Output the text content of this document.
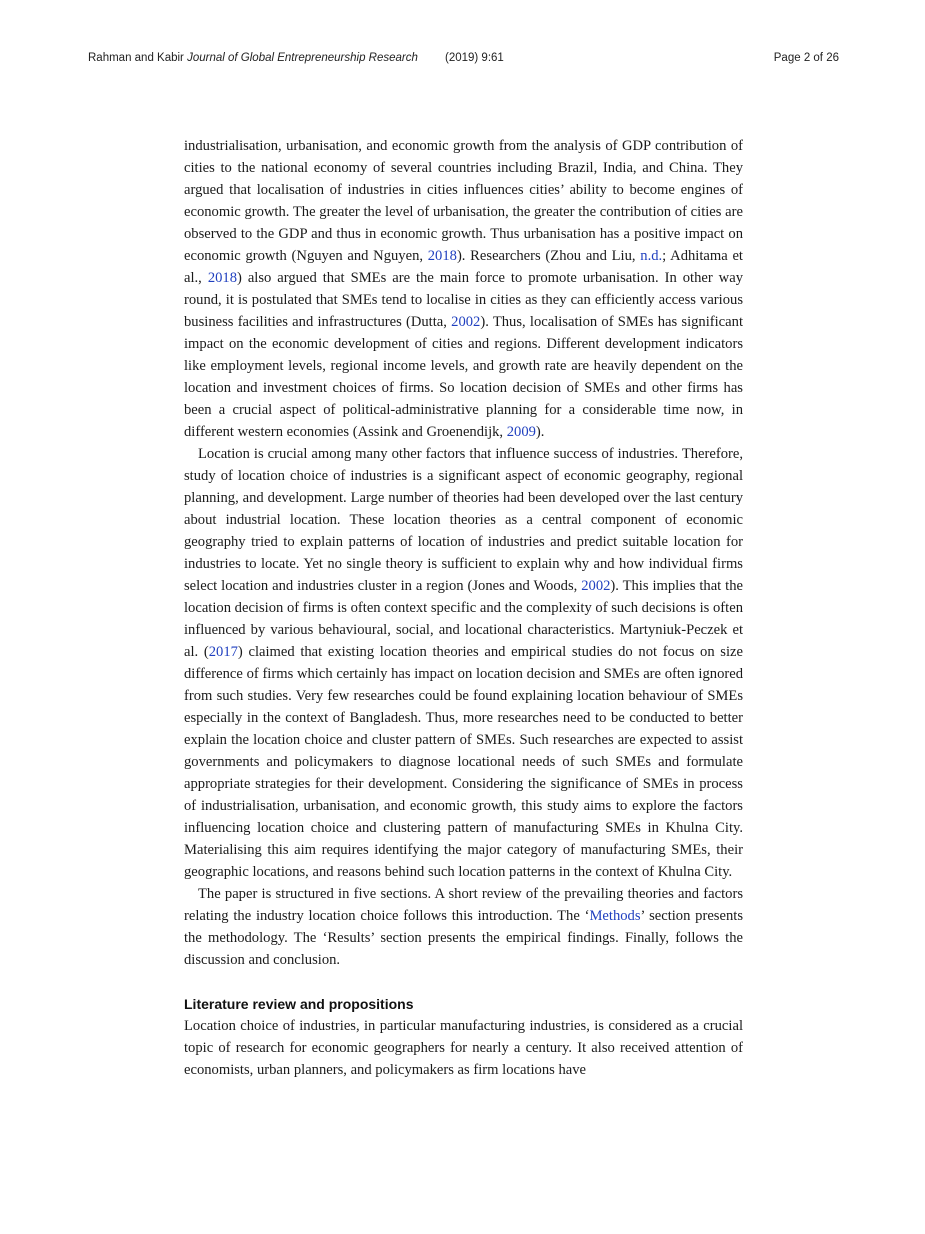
Rahman and Kabir Journal of Global Entrepreneurship Research (2019) 9:61	Page 2 of 26

industrialisation, urbanisation, and economic growth from the analysis of GDP contribution of cities to the national economy of several countries including Brazil, India, and China. They argued that localisation of industries in cities influences cities’ ability to become engines of economic growth. The greater the level of urbanisation, the greater the contribution of cities are observed to the GDP and thus in economic growth. Thus urbanisation has a positive impact on economic growth (Nguyen and Nguyen, 2018). Researchers (Zhou and Liu, n.d.; Adhitama et al., 2018) also argued that SMEs are the main force to promote urbanisation. In other way round, it is postulated that SMEs tend to localise in cities as they can efficiently access various business facilities and infrastructures (Dutta, 2002). Thus, localisation of SMEs has significant impact on the economic development of cities and regions. Different development indicators like employment levels, regional income levels, and growth rate are heavily dependent on the location and investment choices of firms. So location decision of SMEs and other firms has been a crucial aspect of political-administrative planning for a considerable time now, in different western economies (Assink and Groenendijk, 2009).

Location is crucial among many other factors that influence success of industries. Therefore, study of location choice of industries is a significant aspect of economic geography, regional planning, and development. Large number of theories had been developed over the last century about industrial location. These location theories as a central component of economic geography tried to explain patterns of location of industries and predict suitable location for industries to locate. Yet no single theory is sufficient to explain why and how individual firms select location and industries cluster in a region (Jones and Woods, 2002). This implies that the location decision of firms is often context specific and the complexity of such decisions is often influenced by various behavioural, social, and locational characteristics. Martyniuk-Peczek et al. (2017) claimed that existing location theories and empirical studies do not focus on size difference of firms which certainly has impact on location decision and SMEs are often ignored from such studies. Very few researches could be found explaining location behaviour of SMEs especially in the context of Bangladesh. Thus, more researches need to be conducted to better explain the location choice and cluster pattern of SMEs. Such researches are expected to assist governments and policymakers to diagnose locational needs of such SMEs and formulate appropriate strategies for their development. Considering the significance of SMEs in process of industrialisation, urbanisation, and economic growth, this study aims to explore the factors influencing location choice and clustering pattern of manufacturing SMEs in Khulna City. Materialising this aim requires identifying the major category of manufacturing SMEs, their geographic locations, and reasons behind such location patterns in the context of Khulna City.

The paper is structured in five sections. A short review of the prevailing theories and factors relating the industry location choice follows this introduction. The ‘Methods’ section presents the methodology. The ‘Results’ section presents the empirical findings. Finally, follows the discussion and conclusion.

Literature review and propositions

Location choice of industries, in particular manufacturing industries, is considered as a crucial topic of research for economic geographers for nearly a century. It also received attention of economists, urban planners, and policymakers as firm locations have
